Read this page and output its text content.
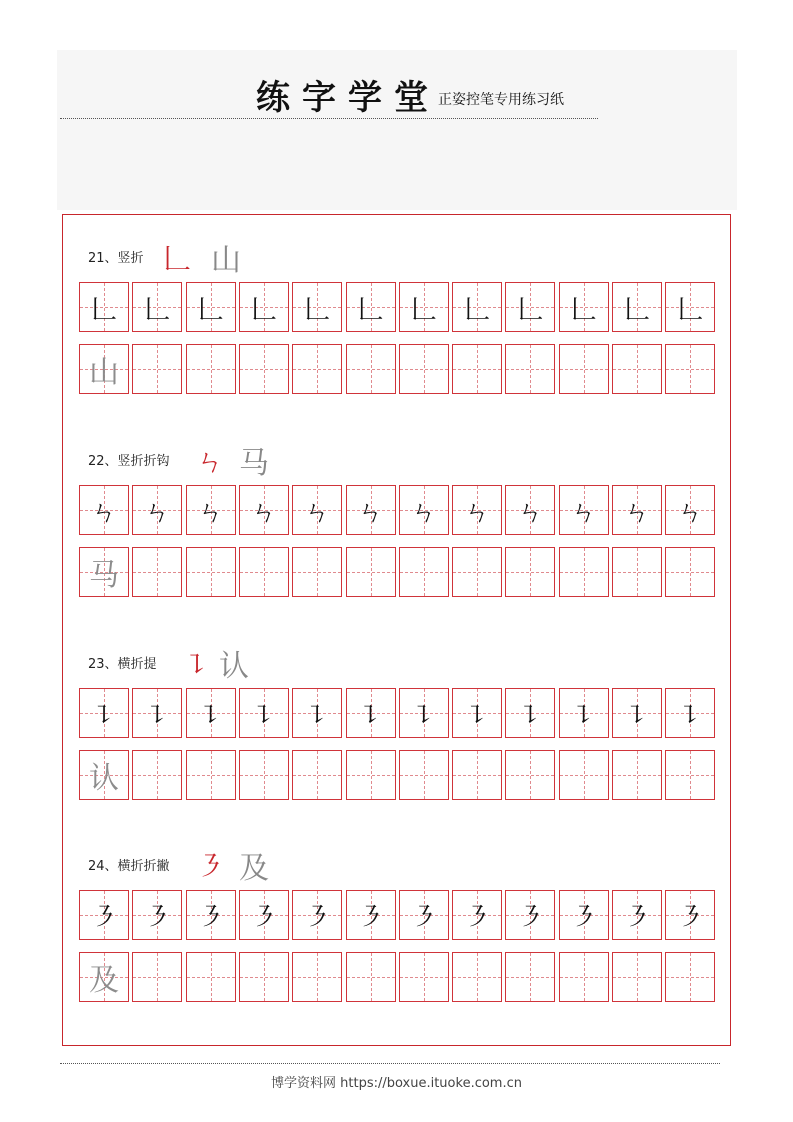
练字学堂
正姿控笔专用练习纸
21、竖折 𠃊 山
𠃊 𠃊 𠃊 𠃊 𠃊 𠃊 𠃊 𠃊 𠃊 𠃊 𠃊 𠃊
山
22、竖折折钩 ㄣ 马
ㄣ ㄣ ㄣ ㄣ ㄣ ㄣ ㄣ ㄣ ㄣ ㄣ ㄣ ㄣ
马
23、横折提 ㇊ 认
㇊ ㇊ ㇊ ㇊ ㇊ ㇊ ㇊ ㇊ ㇊ ㇊ ㇊ ㇊
认
24、横折折撇 ㇋ 及
㇋ ㇋ ㇋ ㇋ ㇋ ㇋ ㇋ ㇋ ㇋ ㇋ ㇋ ㇋
及
博学资料网 https://boxue.ituoke.com.cn
